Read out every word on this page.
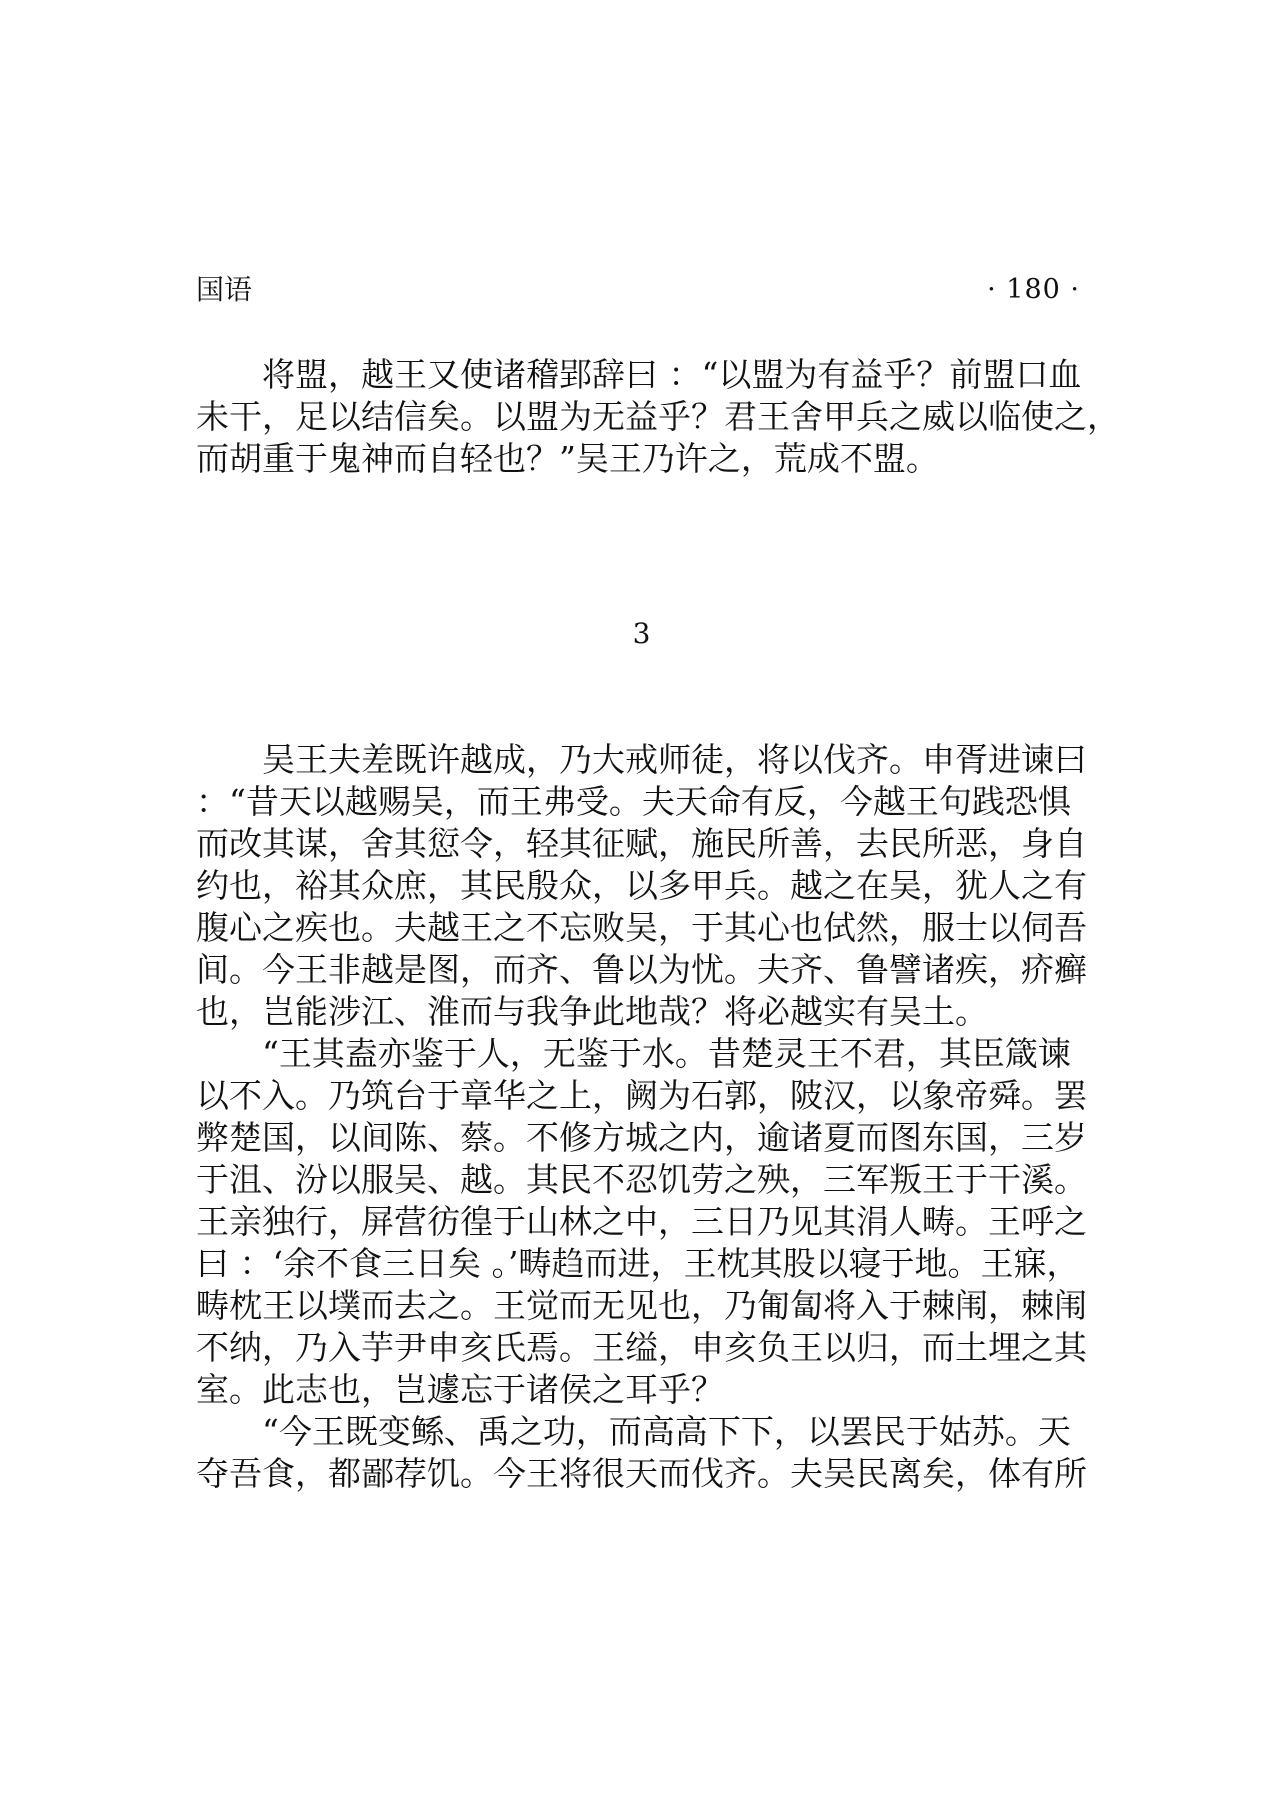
国语	· 180 ·
　　将盟，越王又使诸稽郢辞曰 ：“以盟为有益乎？前盟口血
未干，足以结信矣。以盟为无益乎？君王舍甲兵之威以临使之，
而胡重于鬼神而自轻也？”吴王乃许之，荒成不盟。
3
　　吴王夫差既许越成，乃大戒师徒，将以伐齐。申胥进谏曰
：“昔天以越赐吴，而王弗受。夫天命有反，今越王句践恐惧
而改其谋，舍其愆令，轻其征赋，施民所善，去民所恶，身自
约也，裕其众庶，其民殷众，以多甲兵。越之在吴，犹人之有
腹心之疾也。夫越王之不忘败吴，于其心也侙然，服士以伺吾
间。今王非越是图，而齐、鲁以为忧。夫齐、鲁譬诸疾，疥癣
也，岂能涉江、淮而与我争此地哉？将必越实有吴土。
　　“王其盍亦鉴于人，无鉴于水。昔楚灵王不君，其臣箴谏
以不入。乃筑台于章华之上，阙为石郭，陂汉，以象帝舜。罢
弊楚国，以间陈、蔡。不修方城之内，逾诸夏而图东国，三岁
于沮、汾以服吴、越。其民不忍饥劳之殃，三军叛王于干溪。
王亲独行，屏营彷徨于山林之中，三日乃见其涓人畴。王呼之
曰 ：‘余不食三日矣 。’畴趋而进，王枕其股以寝于地。王寐，
畴枕王以墣而去之。王觉而无见也，乃匍匐将入于棘闱，棘闱
不纳，乃入芋尹申亥氏焉。王缢，申亥负王以归，而土埋之其
室。此志也，岂遽忘于诸侯之耳乎？
　　“今王既变鲧、禹之功，而高高下下，以罢民于姑苏。天
夺吾食，都鄙荐饥。今王将很天而伐齐。夫吴民离矣，体有所
